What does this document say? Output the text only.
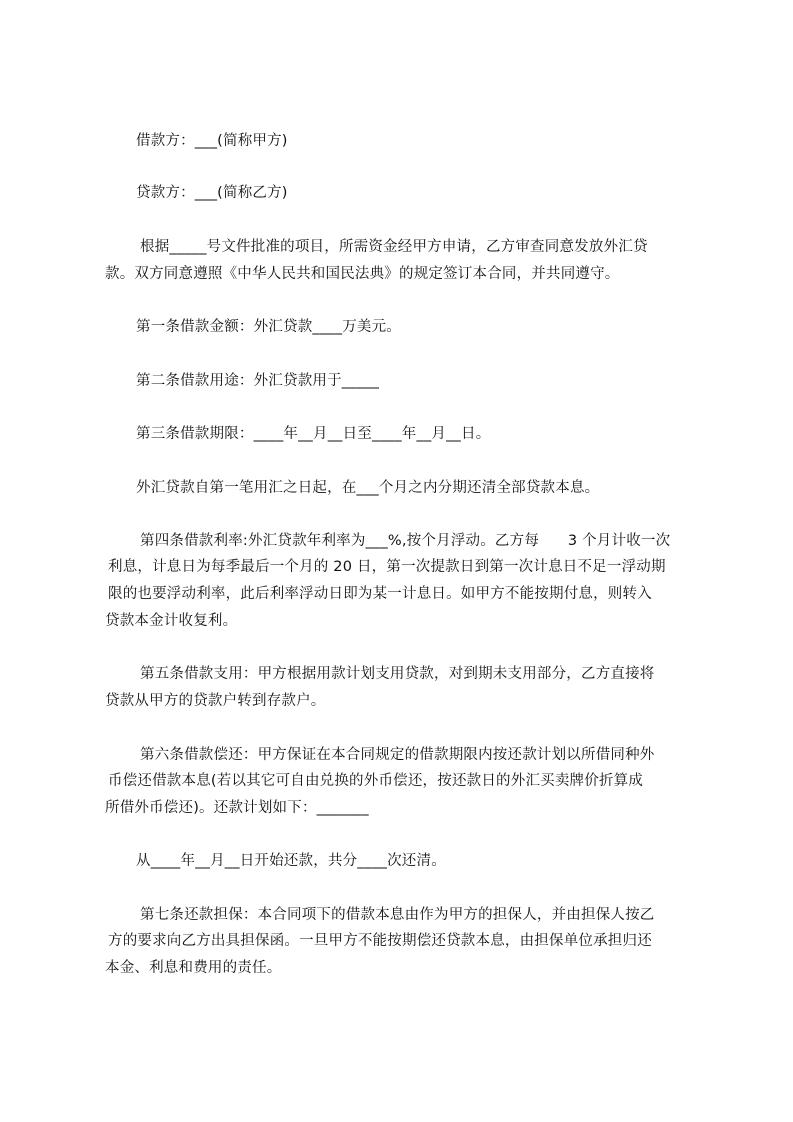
借款方：___(简称甲方)
贷款方：___(简称乙方)
根据_____号文件批准的项目，所需资金经甲方申请，乙方审查同意发放外汇贷
款。双方同意遵照《中华人民共和国民法典》的规定签订本合同，并共同遵守。
第一条借款金额：外汇贷款____万美元。
第二条借款用途：外汇贷款用于_____
第三条借款期限：____年__月__日至____年__月__日。
外汇贷款自第一笔用汇之日起，在___个月之内分期还清全部贷款本息。
第四条借款利率:外汇贷款年利率为___%,按个月浮动。乙方每      3 个月计收一次
利息，计息日为每季最后一个月的 20 日，第一次提款日到第一次计息日不足一浮动期
限的也要浮动利率，此后利率浮动日即为某一计息日。如甲方不能按期付息，则转入
贷款本金计收复利。
第五条借款支用：甲方根据用款计划支用贷款，对到期未支用部分，乙方直接将
贷款从甲方的贷款户转到存款户。
第六条借款偿还：甲方保证在本合同规定的借款期限内按还款计划以所借同种外
币偿还借款本息(若以其它可自由兑换的外币偿还，按还款日的外汇买卖牌价折算成
所借外币偿还)。还款计划如下：_______
从____年__月__日开始还款，共分____次还清。
第七条还款担保：本合同项下的借款本息由作为甲方的担保人，并由担保人按乙
方的要求向乙方出具担保函。一旦甲方不能按期偿还贷款本息，由担保单位承担归还
本金、利息和费用的责任。
